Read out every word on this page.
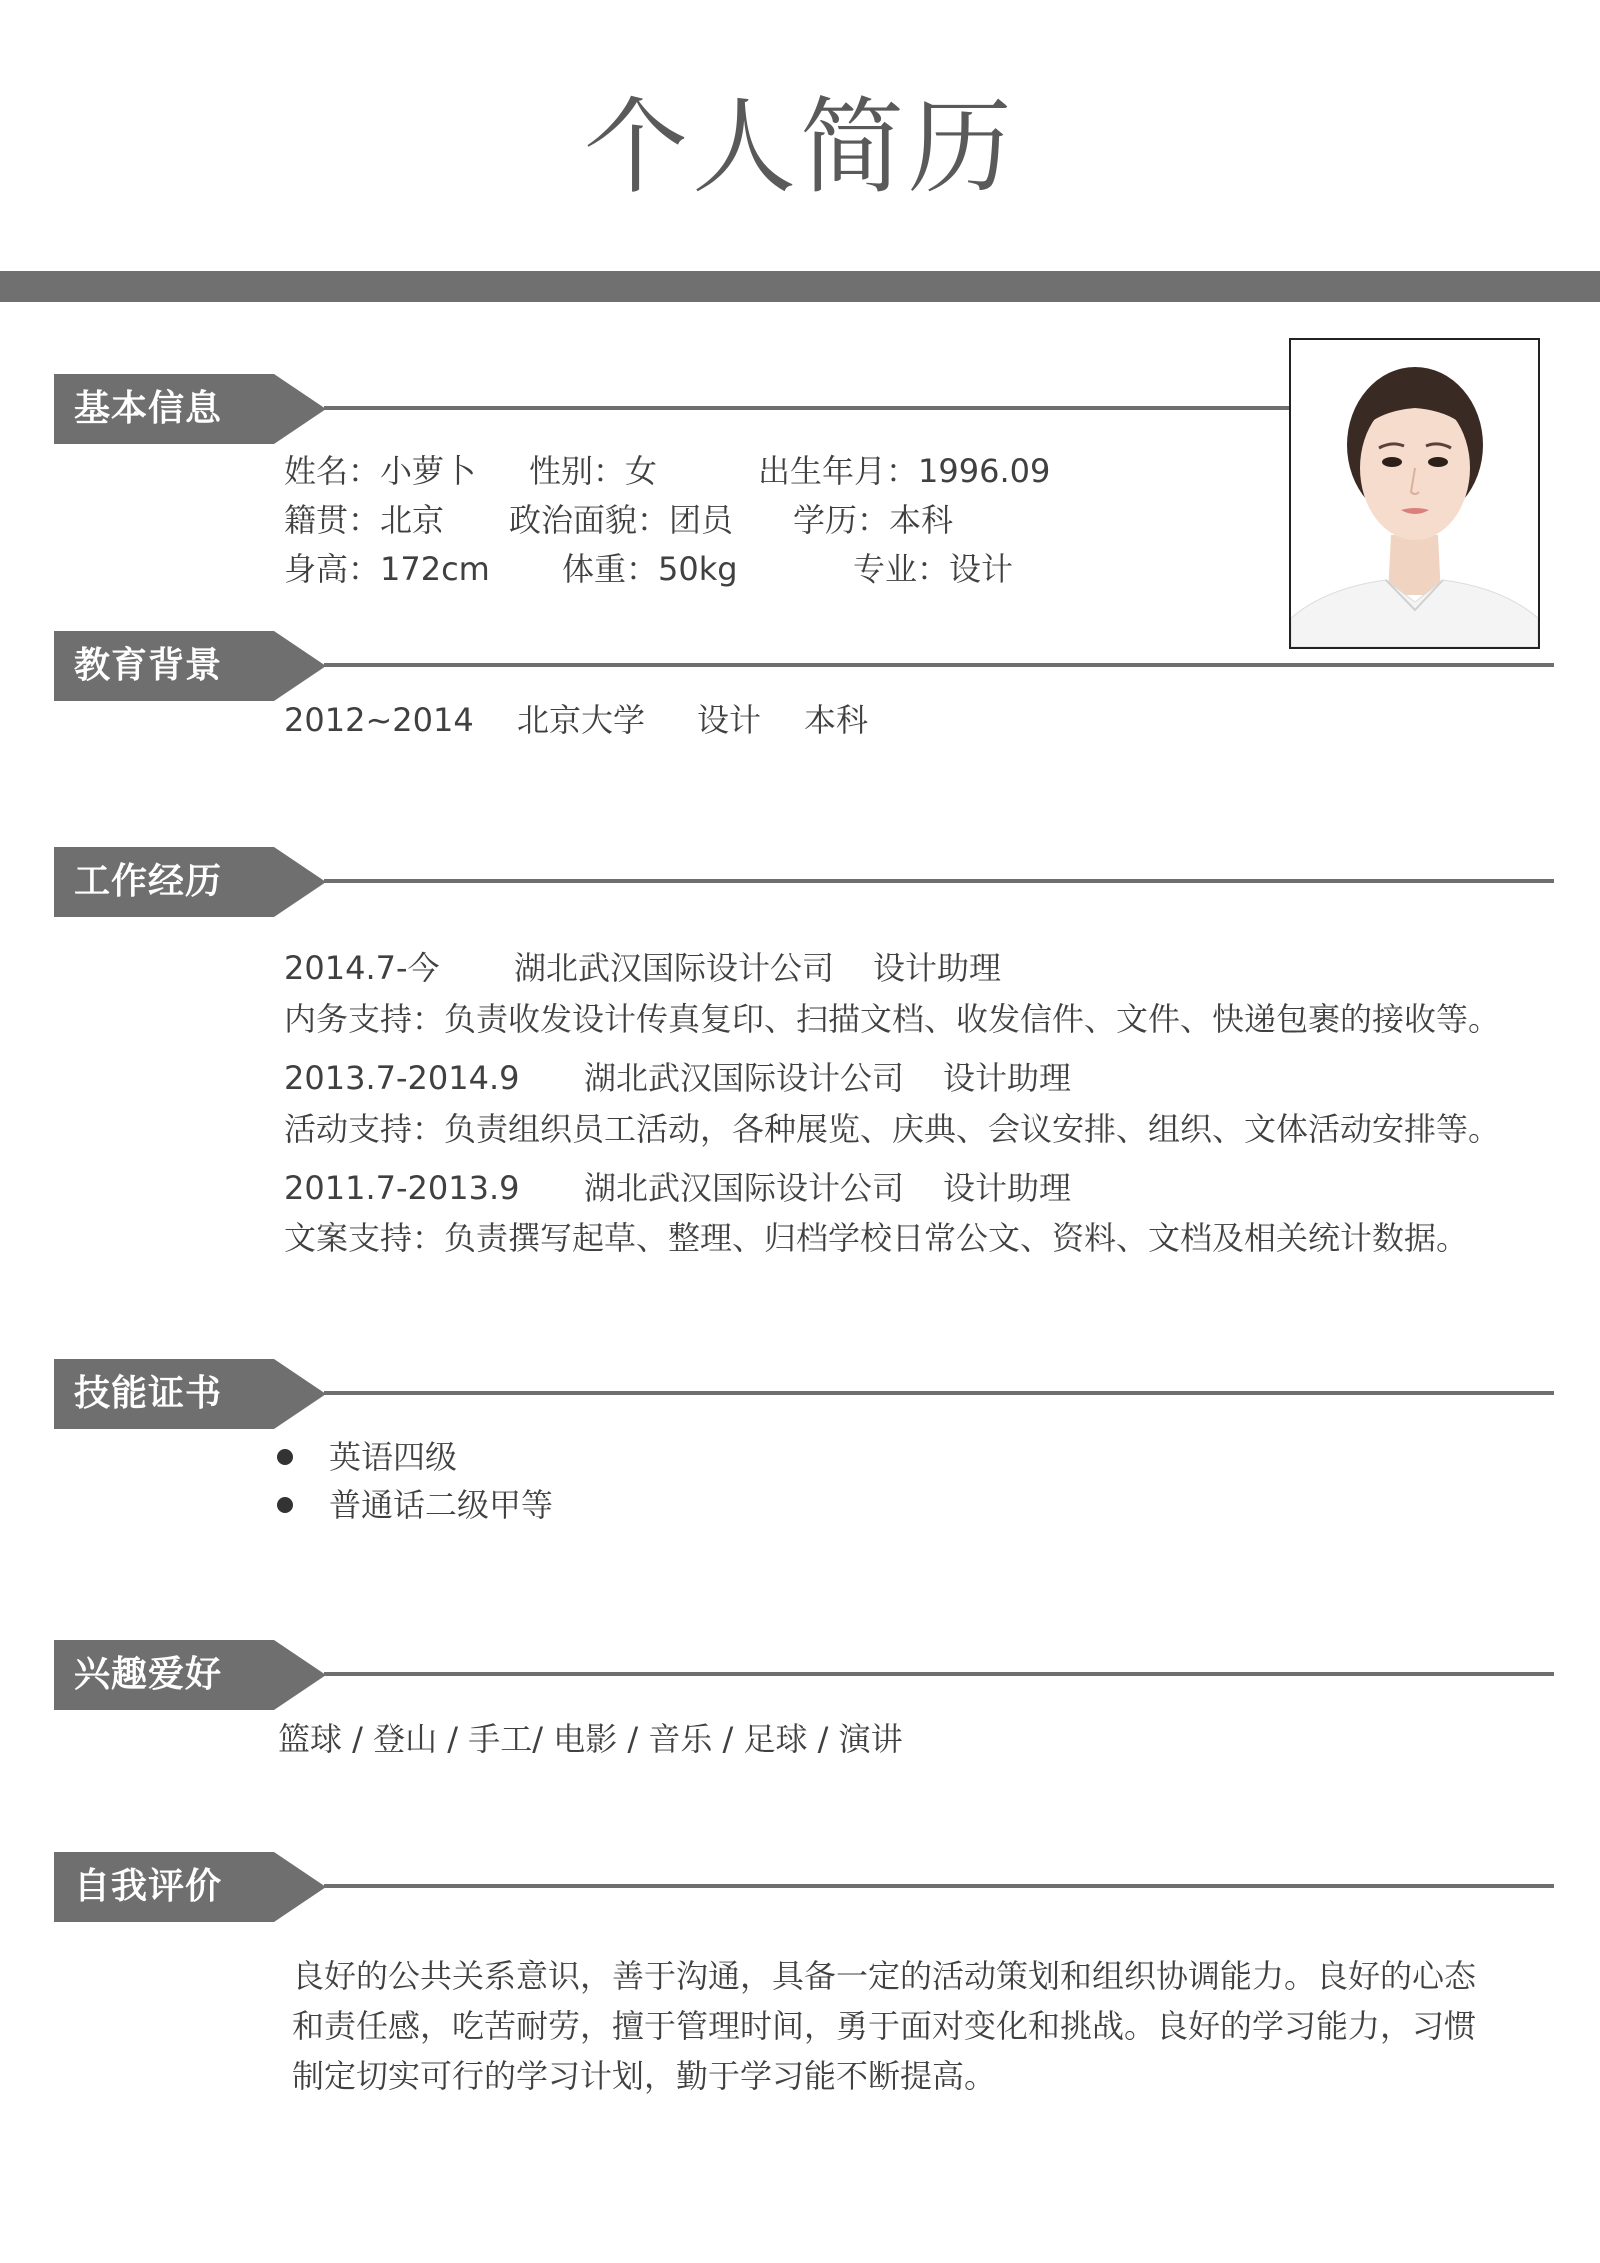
个人简历
基本信息
姓名：小萝卜 性别：女	出生年月：1996.09
籍贯：北京 政治面貌：团员 学历：本科
身高：172cm 体重：50kg	专业：设计
教育背景
2012~2014 北京大学 设计 本科
工作经历
2014.7-今 湖北武汉国际设计公司 设计助理
内务支持：负责收发设计传真复印、扫描文档、收发信件、文件、快递包裹的接收等。
2013.7-2014.9 湖北武汉国际设计公司 设计助理
活动支持：负责组织员工活动，各种展览、庆典、会议安排、组织、文体活动安排等。
2011.7-2013.9 湖北武汉国际设计公司 设计助理
文案支持：负责撰写起草、整理、归档学校日常公文、资料、文档及相关统计数据。
技能证书
英语四级
普通话二级甲等
兴趣爱好
篮球 / 登山 / 手工/ 电影 / 音乐 / 足球 / 演讲
自我评价
良好的公共关系意识，善于沟通，具备一定的活动策划和组织协调能力。良好的心态和责任感，吃苦耐劳，擅于管理时间，勇于面对变化和挑战。良好的学习能力，习惯制定切实可行的学习计划，勤于学习能不断提高。
